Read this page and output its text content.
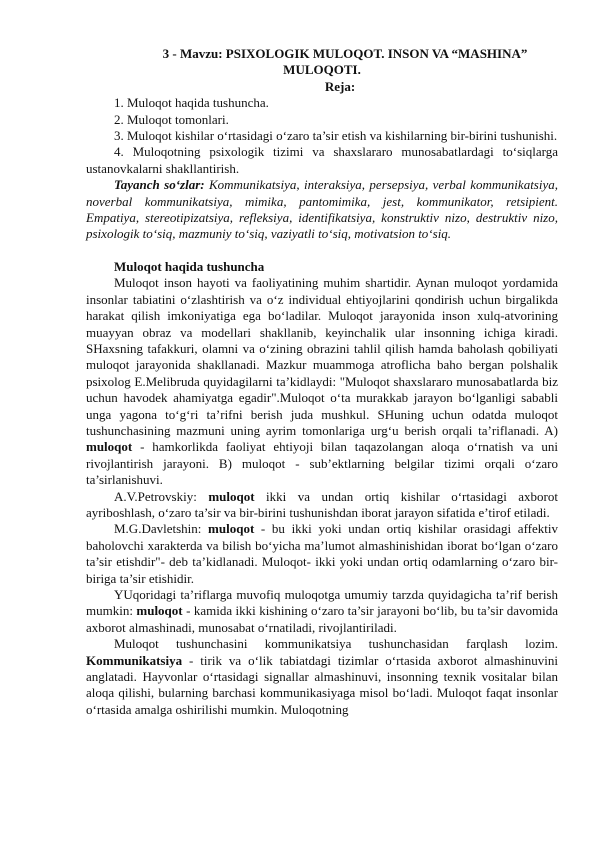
3 - Mavzu: PSIXOLOGIK MULOQOT. INSON VA “MASHINA”
MULOQOTI.

Reja:

1. Muloqot haqida tushuncha.

2. Muloqot tomonlari.

3. Muloqot kishilar o‘rtasidagi o‘zaro ta’sir etish va kishilarning bir-birini tushunishi.

4. Muloqotning psixologik tizimi va shaxslararo munosabatlardagi to‘siqlarga ustanovkalarni shakllantirish.

Tayanch so‘zlar: Kommunikatsiya, interaksiya, persepsiya, verbal kommunikatsiya, noverbal kommunikatsiya, mimika, pantomimika, jest, kommunikator, retsipient. Empatiya, stereotipizatsiya, refleksiya, identifikatsiya, konstruktiv nizo, destruktiv nizo, psixologik to‘siq, mazmuniy to‘siq, vaziyatli to‘siq, motivatsion to‘siq.

Muloqot haqida tushuncha

Muloqot inson hayoti va faoliyatining muhim shartidir. Aynan muloqot yordamida insonlar tabiatini o‘zlashtirish va o‘z individual ehtiyojlarini qondirish uchun birgalikda harakat qilish imkoniyatiga ega bo‘ladilar. Muloqot jarayonida inson xulq-atvorining muayyan obraz va modellari shakllanib, keyinchalik ular insonning ichiga kiradi. SHaxsning tafakkuri, olamni va o‘zining obrazini tahlil qilish hamda baholash qobiliyati muloqot jarayonida shakllanadi. Mazkur muammoga atroflicha baho bergan polshalik psixolog E.Melibruda quyidagilarni ta’kidlaydi: "Muloqot shaxslararo munosabatlarda biz uchun havodek ahamiyatga egadir".Muloqot o‘ta murakkab jarayon bo‘lganligi sababli unga yagona to‘g‘ri ta’rifni berish juda mushkul. SHuning uchun odatda muloqot tushunchasining mazmuni uning ayrim tomonlariga urg‘u berish orqali ta’riflanadi. A) muloqot - hamkorlikda faoliyat ehtiyoji bilan taqazolangan aloqa o‘rnatish va uni rivojlantirish jarayoni. B) muloqot - sub’ektlarning belgilar tizimi orqali o‘zaro ta’sirlanishuvi.

A.V.Petrovskiy: muloqot ikki va undan ortiq kishilar o‘rtasidagi axborot ayriboshlash, o‘zaro ta’sir va bir-birini tushunishdan iborat jarayon sifatida e’tirof etiladi.

M.G.Davletshin: muloqot - bu ikki yoki undan ortiq kishilar orasidagi affektiv baholovchi xarakterda va bilish bo‘yicha ma’lumot almashinishidan iborat bo‘lgan o‘zaro ta’sir etishdir"- deb ta’kidlanadi. Muloqot- ikki yoki undan ortiq odamlarning o‘zaro bir-biriga ta’sir etishidir.

YUqoridagi ta’riflarga muvofiq muloqotga umumiy tarzda quyidagicha ta’rif berish mumkin: muloqot - kamida ikki kishining o‘zaro ta’sir jarayoni bo‘lib, bu ta’sir davomida axborot almashinadi, munosabat o‘rnatiladi, rivojlantiriladi.

Muloqot tushunchasini kommunikatsiya tushunchasidan farqlash lozim. Kommunikatsiya - tirik va o‘lik tabiatdagi tizimlar o‘rtasida axborot almashinuvini anglatadi. Hayvonlar o‘rtasidagi signallar almashinuvi, insonning texnik vositalar bilan aloqa qilishi, bularning barchasi kommunikasiyaga misol bo‘ladi. Muloqot faqat insonlar o‘rtasida amalga oshirilishi mumkin. Muloqotning
